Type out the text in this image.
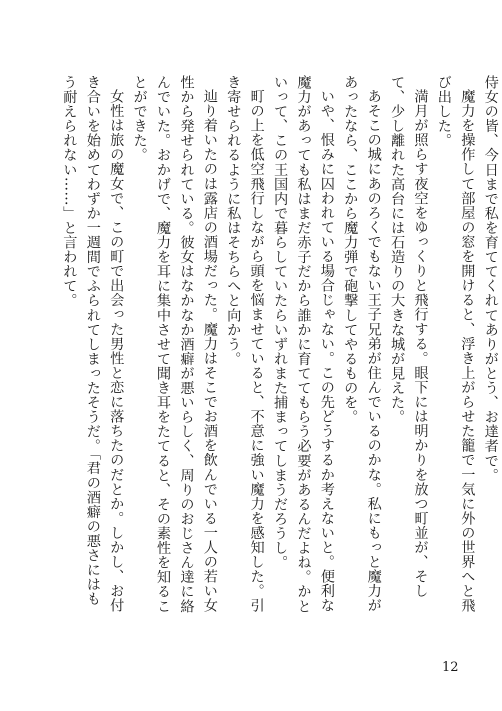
侍女の皆、今日まで私を育ててくれてありがとう、お達者で。

魔力を操作して部屋の窓を開けると、浮き上がらせた籠で一気に外の世界へと飛び出した。

満月が照らす夜空をゆっくりと飛行する。眼下には明かりを放つ町並が、そして、少し離れた高台には石造りの大きな城が見えた。

あそこの城にあのろくでもない王子兄弟が住んでいるのかな。私にもっと魔力があったなら、ここから魔力弾で砲撃してやるものを。

いや、恨みに囚われている場合じゃない。この先どうするか考えないと。便利な魔力があっても私はまだ赤子だから誰かに育ててもらう必要があるんだよね。かといって、この王国内で暮らしていたらいずれまた捕まってしまうだろうし。

町の上を低空飛行しながら頭を悩ませていると、不意に強い魔力を感知した。引き寄せられるように私はそちらへと向かう。

辿り着いたのは露店の酒場だった。魔力はそこでお酒を飲んでいる一人の若い女性から発せられている。彼女はなかなか酒癖が悪いらしく、周りのおじさん達に絡んでいた。おかげで、魔力を耳に集中させて聞き耳をたてると、その素性を知ることができた。

女性は旅の魔女で、この町で出会った男性と恋に落ちたのだとか。しかし、お付き合いを始めてわずか一週間でふられてしまったそうだ。「君の酒癖の悪さにはもう耐えられない……」と言われて。

12
